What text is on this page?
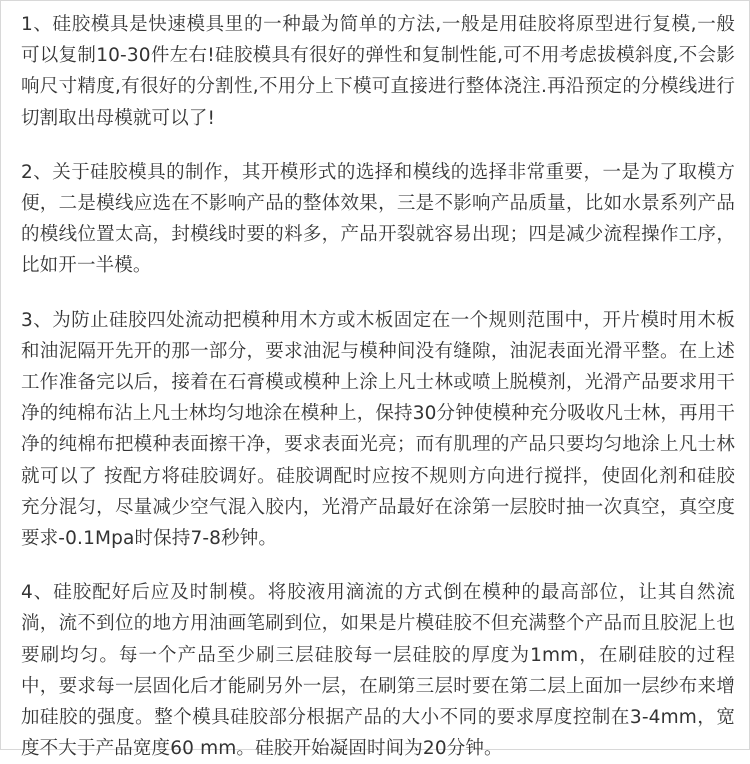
1、硅胶模具是快速模具里的一种最为简单的方法,一般是用硅胶将原型进行复模,一般可以复制10-30件左右!硅胶模具有很好的弹性和复制性能,可不用考虑拔模斜度,不会影响尺寸精度,有很好的分割性,不用分上下模可直接进行整体浇注.再沿预定的分模线进行切割取出母模就可以了!

2、关于硅胶模具的制作，其开模形式的选择和模线的选择非常重要，一是为了取模方便，二是模线应选在不影响产品的整体效果，三是不影响产品质量，比如水景系列产品的模线位置太高，封模线时要的料多，产品开裂就容易出现；四是减少流程操作工序，比如开一半模。

3、为防止硅胶四处流动把模种用木方或木板固定在一个规则范围中，开片模时用木板和油泥隔开先开的那一部分，要求油泥与模种间没有缝隙，油泥表面光滑平整。在上述工作准备完以后，接着在石膏模或模种上涂上凡士林或喷上脱模剂，光滑产品要求用干净的纯棉布沾上凡士林均匀地涂在模种上，保持30分钟使模种充分吸收凡士林，再用干净的纯棉布把模种表面擦干净，要求表面光亮；而有肌理的产品只要均匀地涂上凡士林就可以了 按配方将硅胶调好。硅胶调配时应按不规则方向进行搅拌，使固化剂和硅胶充分混匀，尽量减少空气混入胶内，光滑产品最好在涂第一层胶时抽一次真空，真空度要求-0.1Mpa时保持7-8秒钟。

4、硅胶配好后应及时制模。将胶液用滴流的方式倒在模种的最高部位，让其自然流淌，流不到位的地方用油画笔刷到位，如果是片模硅胶不但充满整个产品而且胶泥上也要刷均匀。每一个产品至少刷三层硅胶每一层硅胶的厚度为1mm，在刷硅胶的过程中，要求每一层固化后才能刷另外一层，在刷第三层时要在第二层上面加一层纱布来增加硅胶的强度。整个模具硅胶部分根据产品的大小不同的要求厚度控制在3-4mm，宽度不大于产品宽度60 mm。硅胶开始凝固时间为20分钟。
